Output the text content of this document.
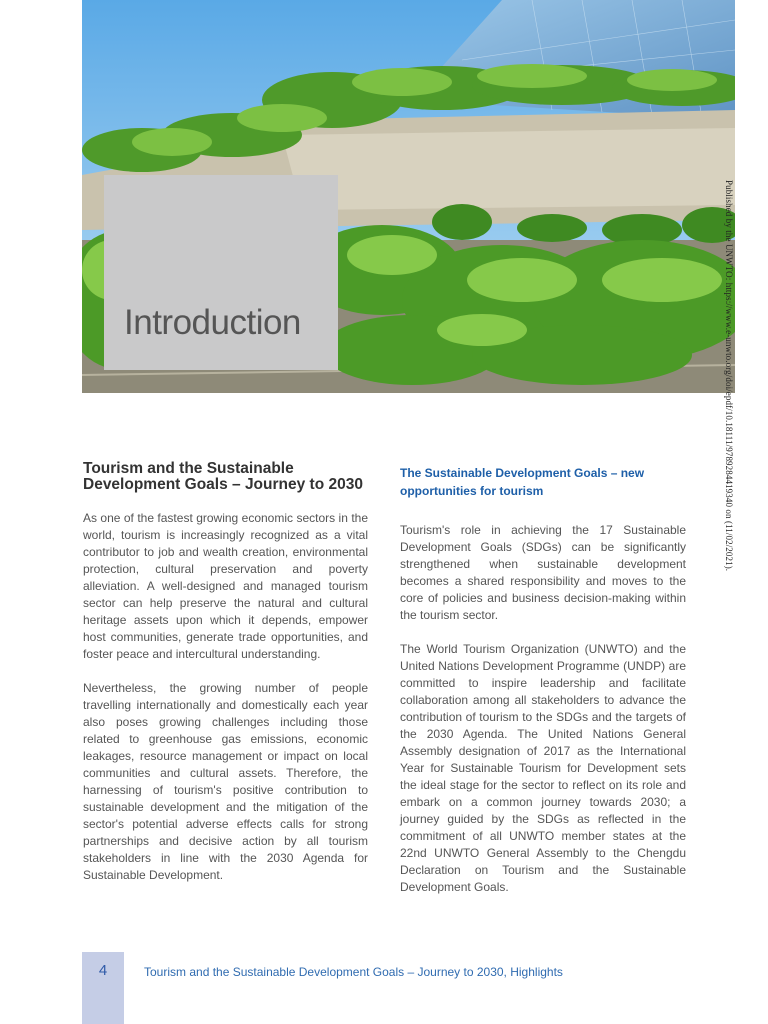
Introduction	Published by the UNWTO: https://www.e-unwto.org/doi/epdf/10.18111/9789284419340 on (11/02/2021).
Tourism and the Sustainable Development Goals – Journey to 2030

As one of the fastest growing economic sectors in the world, tourism is increasingly recognized as a vital contributor to job and wealth creation, environmental protection, cultural preservation and poverty alleviation. A well-designed and managed tourism sector can help preserve the natural and cultural heritage assets upon which it depends, empower host communities, generate trade opportunities, and foster peace and intercultural understanding.

Nevertheless, the growing number of people travelling internationally and domestically each year also poses growing challenges including those related to greenhouse gas emissions, economic leakages, resource management or impact on local communities and cultural assets. Therefore, the harnessing of tourism's positive contribution to sustainable development and the mitigation of the sector's potential adverse effects calls for strong partnerships and decisive action by all tourism stakeholders in line with the 2030 Agenda for Sustainable Development.

The Sustainable Development Goals – new opportunities for tourism

Tourism's role in achieving the 17 Sustainable Development Goals (SDGs) can be significantly strengthened when sustainable development becomes a shared responsibility and moves to the core of policies and business decision-making within the tourism sector.

The World Tourism Organization (UNWTO) and the United Nations Development Programme (UNDP) are committed to inspire leadership and facilitate collaboration among all stakeholders to advance the contribution of tourism to the SDGs and the targets of the 2030 Agenda. The United Nations General Assembly designation of 2017 as the International Year for Sustainable Tourism for Development sets the ideal stage for the sector to reflect on its role and embark on a common journey towards 2030; a journey guided by the SDGs as reflected in the commitment of all UNWTO member states at the 22nd UNWTO General Assembly to the Chengdu Declaration on Tourism and the Sustainable Development Goals.

4	Tourism and the Sustainable Development Goals – Journey to 2030, Highlights
